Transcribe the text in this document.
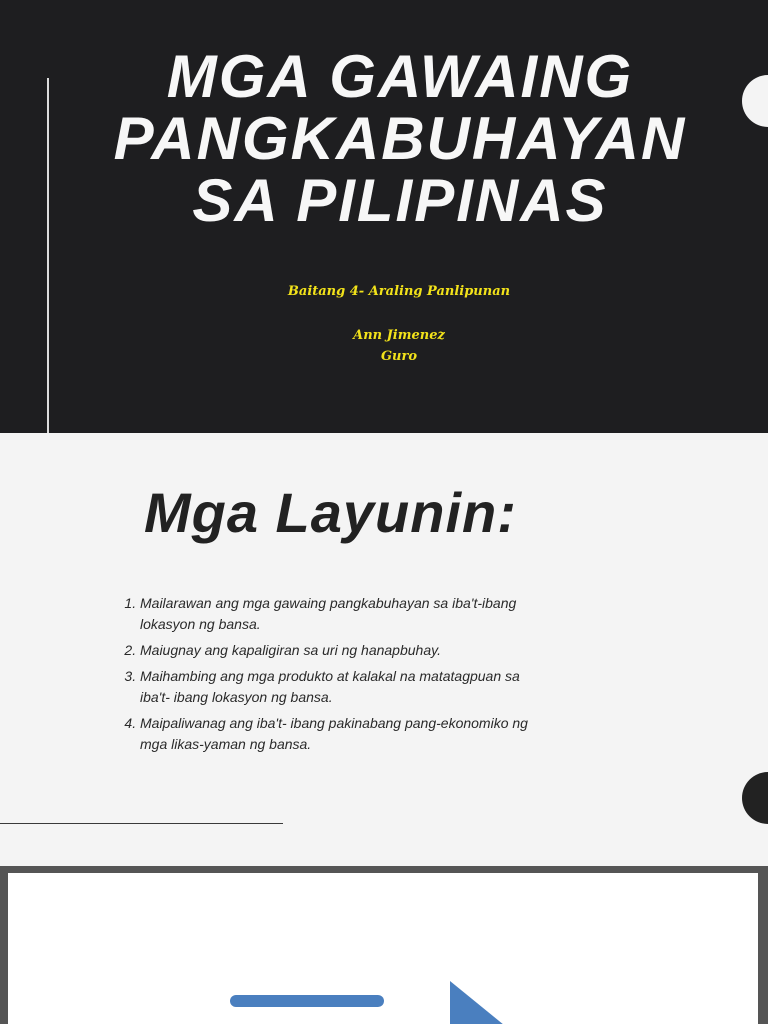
MGA GAWAING
PANGKABUHAYAN
SA PILIPINAS

Baitang 4- Araling Panlipunan

Ann Jimenez

Guro

Mga Layunin:
1. Mailarawan ang mga gawaing pangkabuhayan sa iba't-ibang lokasyon ng bansa.
2. Maiugnay ang kapaligiran sa uri ng hanapbuhay.
3. Maihambing ang mga produkto at kalakal na matatagpuan sa iba't- ibang lokasyon ng bansa.
4. Maipaliwanag ang iba't- ibang pakinabang pang-ekonomiko ng mga likas-yaman ng bansa.
